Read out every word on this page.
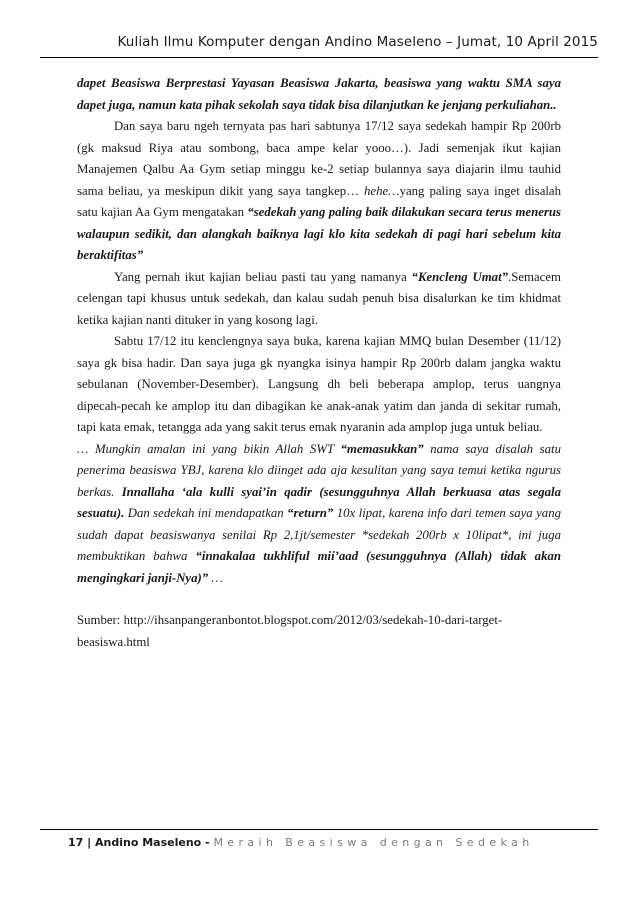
Kuliah Ilmu Komputer dengan Andino Maseleno – Jumat, 10 April 2015

dapet Beasiswa Berprestasi Yayasan Beasiswa Jakarta, beasiswa yang waktu SMA saya dapet juga, namun kata pihak sekolah saya tidak bisa dilanjutkan ke jenjang perkuliahan..

Dan saya baru ngeh ternyata pas hari sabtunya 17/12 saya sedekah hampir Rp 200rb (gk maksud Riya atau sombong, baca ampe kelar yooo…). Jadi semenjak ikut kajian Manajemen Qalbu Aa Gym setiap minggu ke-2 setiap bulannya saya diajarin ilmu tauhid sama beliau, ya meskipun dikit yang saya tangkep… hehe…yang paling saya inget disalah satu kajian Aa Gym mengatakan “sedekah yang paling baik dilakukan secara terus menerus walaupun sedikit, dan alangkah baiknya lagi klo kita sedekah di pagi hari sebelum kita beraktifitas”

Yang pernah ikut kajian beliau pasti tau yang namanya “Kencleng Umat”.Semacem celengan tapi khusus untuk sedekah, dan kalau sudah penuh bisa disalurkan ke tim khidmat ketika kajian nanti dituker in yang kosong lagi.

Sabtu 17/12 itu kenclengnya saya buka, karena kajian MMQ bulan Desember (11/12) saya gk bisa hadir. Dan saya juga gk nyangka isinya hampir Rp 200rb dalam jangka waktu sebulanan (November-Desember). Langsung dh beli beberapa amplop, terus uangnya dipecah-pecah ke amplop itu dan dibagikan ke anak-anak yatim dan janda di sekitar rumah, tapi kata emak, tetangga ada yang sakit terus emak nyaranin ada amplop juga untuk beliau.

… Mungkin amalan ini yang bikin Allah SWT “memasukkan” nama saya disalah satu penerima beasiswa YBJ, karena klo diinget ada aja kesulitan yang saya temui ketika ngurus berkas. Innallaha ‘ala kulli syai’in qadir (sesungguhnya Allah berkuasa atas segala sesuatu). Dan sedekah ini mendapatkan “return” 10x lipat, karena info dari temen saya yang sudah dapat beasiswanya senilai Rp 2,1jt/semester *sedekah 200rb x 10lipat*, ini juga membuktikan bahwa “innakalaa tukhliful mii’aad (sesungguhnya (Allah) tidak akan mengingkari janji-Nya)” …

Sumber: http://ihsanpangeranbontot.blogspot.com/2012/03/sedekah-10-dari-target-beasiswa.html

17 | Andino Maseleno - Meraih Beasiswa dengan Sedekah
